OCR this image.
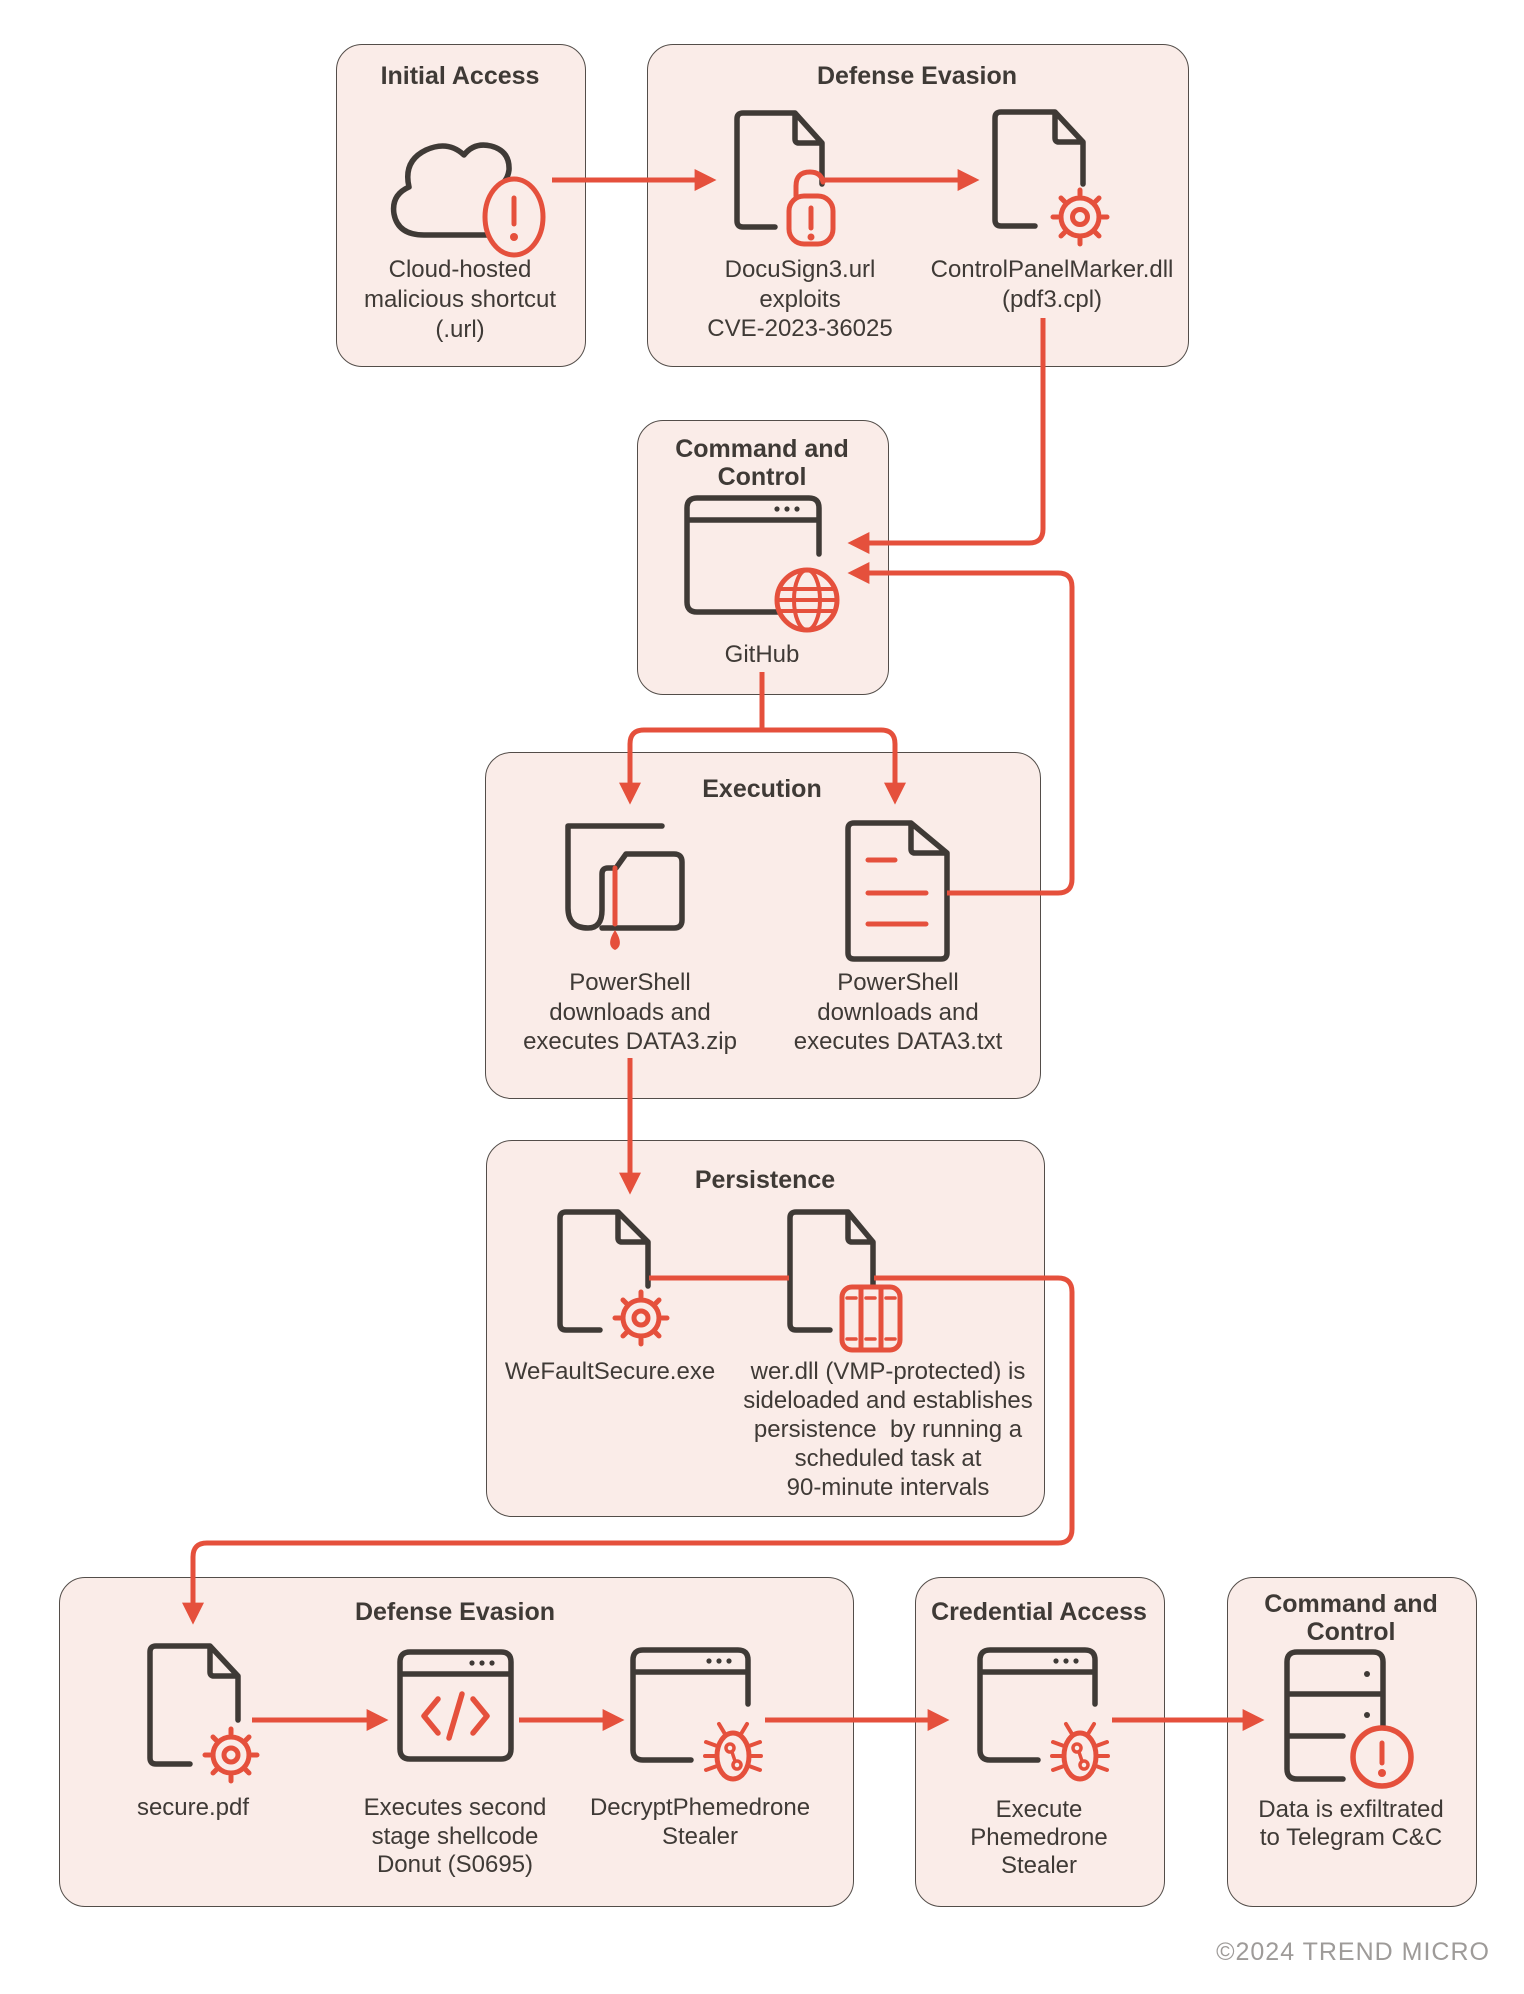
Initial Access	Defense Evasion
Command and
Control
Execution
Persistence
Defense Evasion	Credential Access	Command and
Control
Cloud-hosted
malicious shortcut
(.url)
DocuSign3.url
exploits
CVE-2023-36025
ControlPanelMarker.dll
(pdf3.cpl)
GitHub
PowerShell
downloads and
executes DATA3.zip
PowerShell
downloads and
executes DATA3.txt
WeFaultSecure.exe wer.dll (VMP-protected) is
sideloaded and establishes
persistence  by running a
scheduled task at
90-minute intervals
secure.pdf	Executes second
stage shellcode
Donut (S0695)
DecryptPhemedrone
Stealer
Execute
Phemedrone
Stealer
Data is exfiltrated
to Telegram C&C
©2024 TREND MICRO
